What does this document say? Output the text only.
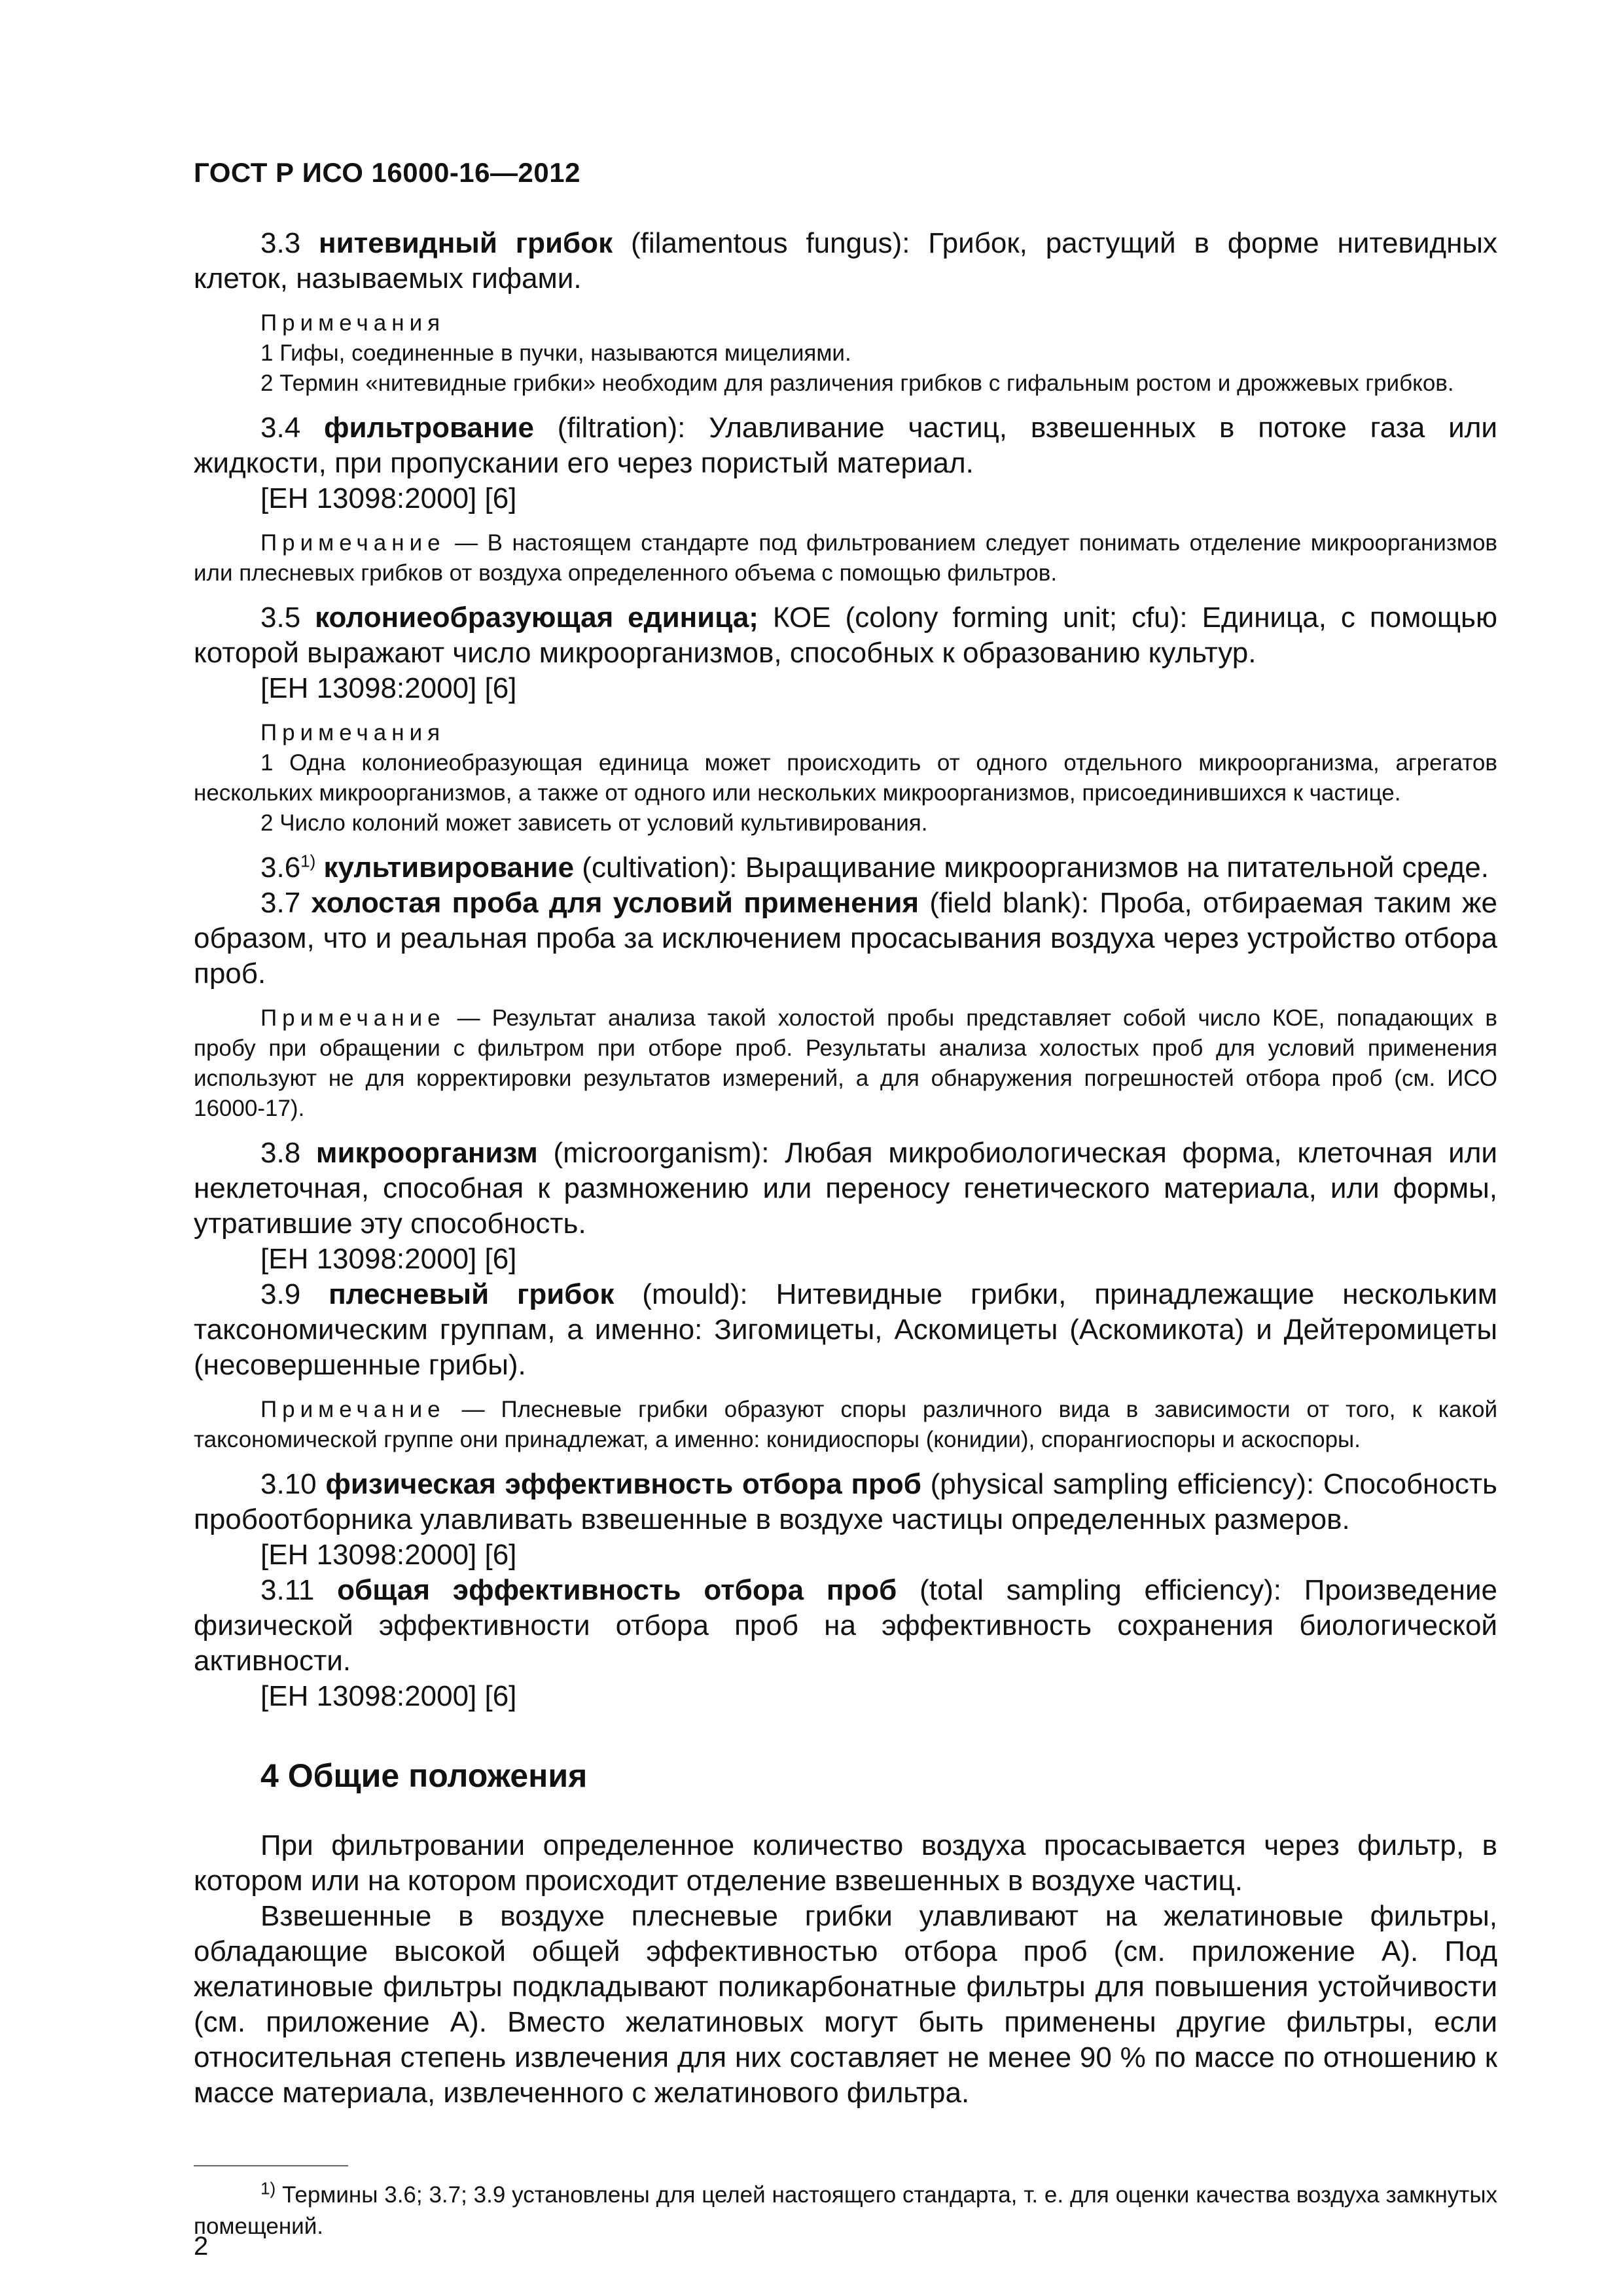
ГОСТ Р ИСО 16000-16—2012

3.3 нитевидный грибок (filamentous fungus): Грибок, растущий в форме нитевидных клеток, называемых гифами.

Примечания

1 Гифы, соединенные в пучки, называются мицелиями.

2 Термин «нитевидные грибки» необходим для различения грибков с гифальным ростом и дрожжевых грибков.

3.4 фильтрование (filtration): Улавливание частиц, взвешенных в потоке газа или жидкости, при пропускании его через пористый материал.

[ЕН 13098:2000] [6]

Примечание — В настоящем стандарте под фильтрованием следует понимать отделение микроорганизмов или плесневых грибков от воздуха определенного объема с помощью фильтров.

3.5 колониеобразующая единица; КОЕ (colony forming unit; cfu): Единица, с помощью которой выражают число микроорганизмов, способных к образованию культур.

[ЕН 13098:2000] [6]

Примечания

1 Одна колониеобразующая единица может происходить от одного отдельного микроорганизма, агрегатов нескольких микроорганизмов, а также от одного или нескольких микроорганизмов, присоединившихся к частице.

2 Число колоний может зависеть от условий культивирования.

3.6$^{1)}$ культивирование (cultivation): Выращивание микроорганизмов на питательной среде.

3.7 холостая проба для условий применения (field blank): Проба, отбираемая таким же образом, что и реальная проба за исключением просасывания воздуха через устройство отбора проб.

Примечание — Результат анализа такой холостой пробы представляет собой число КОЕ, попадающих в пробу при обращении с фильтром при отборе проб. Результаты анализа холостых проб для условий применения используют не для корректировки результатов измерений, а для обнаружения погрешностей отбора проб (см. ИСО 16000-17).

3.8 микроорганизм (microorganism): Любая микробиологическая форма, клеточная или неклеточная, способная к размножению или переносу генетического материала, или формы, утратившие эту способность.

[ЕН 13098:2000] [6]

3.9 плесневый грибок (mould): Нитевидные грибки, принадлежащие нескольким таксономическим группам, а именно: Зигомицеты, Аскомицеты (Аскомикота) и Дейтеромицеты (несовершенные грибы).

Примечание — Плесневые грибки образуют споры различного вида в зависимости от того, к какой таксономической группе они принадлежат, а именно: конидиоспоры (конидии), спорангиоспоры и аскоспоры.

3.10 физическая эффективность отбора проб (physical sampling efficiency): Способность пробоотборника улавливать взвешенные в воздухе частицы определенных размеров.

[ЕН 13098:2000] [6]

3.11 общая эффективность отбора проб (total sampling efficiency): Произведение физической эффективности отбора проб на эффективность сохранения биологической активности.

[ЕН 13098:2000] [6]

4 Общие положения

При фильтровании определенное количество воздуха просасывается через фильтр, в котором или на котором происходит отделение взвешенных в воздухе частиц.

Взвешенные в воздухе плесневые грибки улавливают на желатиновые фильтры, обладающие высокой общей эффективностью отбора проб (см. приложение А). Под желатиновые фильтры подкладывают поликарбонатные фильтры для повышения устойчивости (см. приложение А). Вместо желатиновых могут быть применены другие фильтры, если относительная степень извлечения для них составляет не менее 90 % по массе по отношению к массе материала, извлеченного с желатинового фильтра.

$^{1)}$ Термины 3.6; 3.7; 3.9 установлены для целей настоящего стандарта, т. е. для оценки качества воздуха замкнутых помещений.

2
